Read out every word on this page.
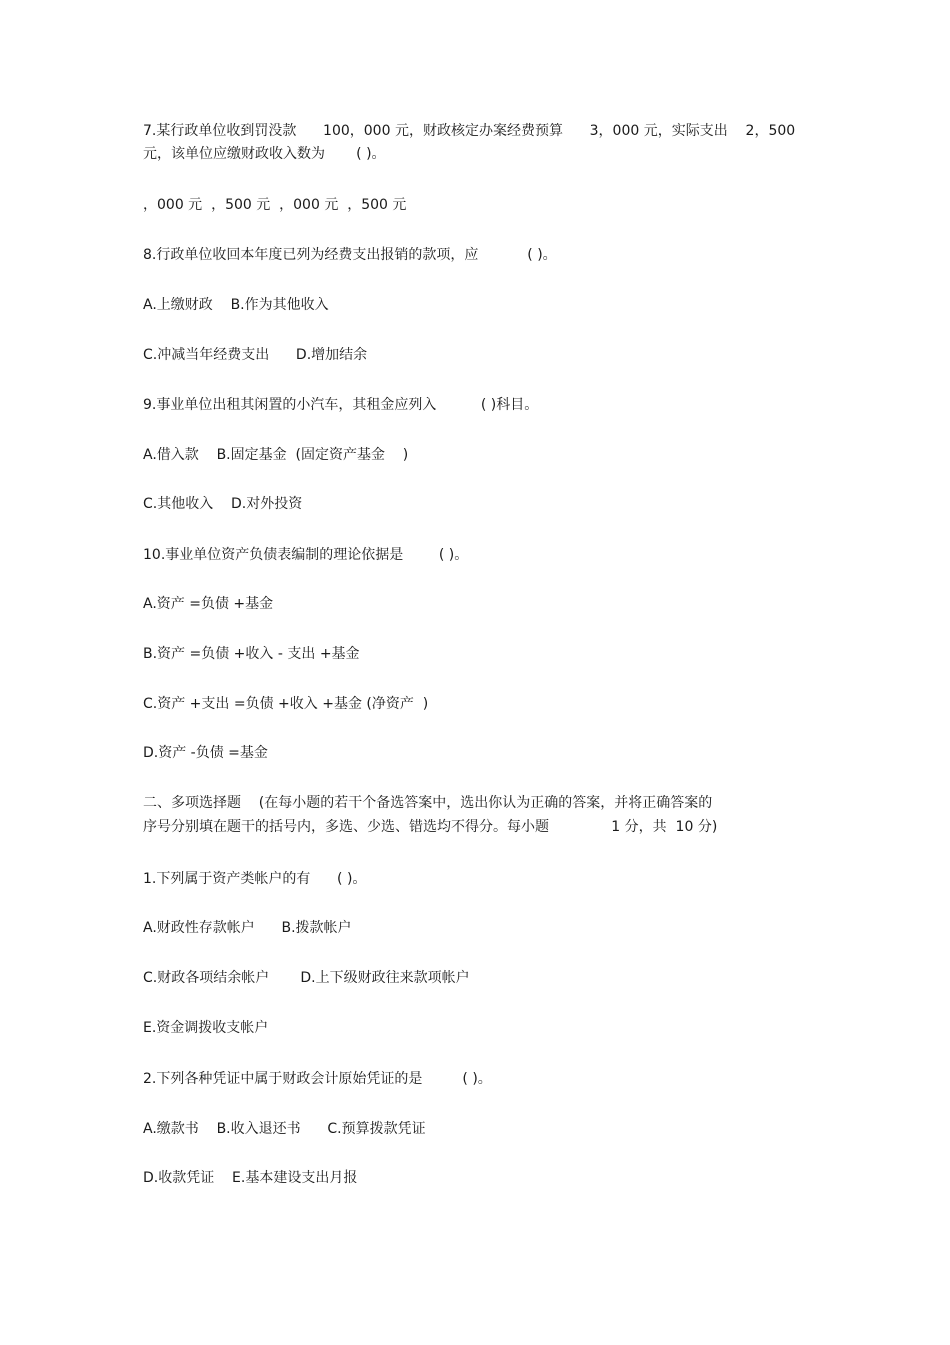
7.某行政单位收到罚没款      100，000 元，财政核定办案经费预算      3，000 元，实际支出    2，500
元，该单位应缴财政收入数为       ( )。
，000 元  ，500 元  ，000 元  ，500 元
8.行政单位收回本年度已列为经费支出报销的款项，应           ( )。
A.上缴财政    B.作为其他收入
C.冲减当年经费支出      D.增加结余
9.事业单位出租其闲置的小汽车，其租金应列入          ( )科目。
A.借入款    B.固定基金  (固定资产基金    )
C.其他收入    D.对外投资
10.事业单位资产负债表编制的理论依据是        ( )。
A.资产 =负债 +基金
B.资产 =负债 +收入 - 支出 +基金
C.资产 +支出 =负债 +收入 +基金 (净资产  )
D.资产 -负债 =基金
二、多项选择题    (在每小题的若干个备选答案中，选出你认为正确的答案，并将正确答案的
序号分别填在题干的括号内，多选、少选、错选均不得分。每小题              1 分，共  10 分)
1.下列属于资产类帐户的有      ( )。
A.财政性存款帐户      B.拨款帐户
C.财政各项结余帐户       D.上下级财政往来款项帐户
E.资金调拨收支帐户
2.下列各种凭证中属于财政会计原始凭证的是         ( )。
A.缴款书    B.收入退还书      C.预算拨款凭证
D.收款凭证    E.基本建设支出月报
